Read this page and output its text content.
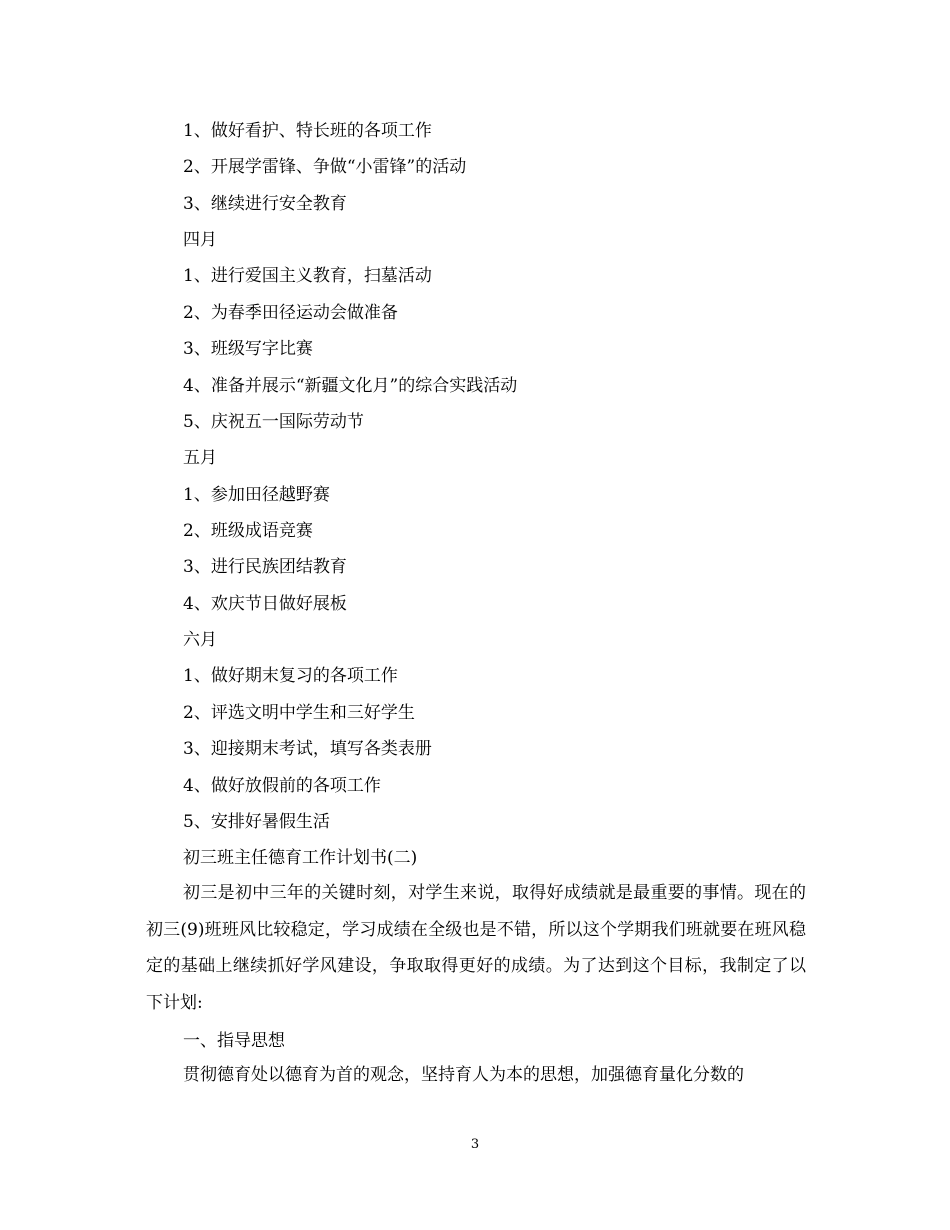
1、做好看护、特长班的各项工作
2、开展学雷锋、争做“小雷锋”的活动
3、继续进行安全教育
四月
1、进行爱国主义教育，扫墓活动
2、为春季田径运动会做准备
3、班级写字比赛
4、准备并展示“新疆文化月”的综合实践活动
5、庆祝五一国际劳动节
五月
1、参加田径越野赛
2、班级成语竞赛
3、进行民族团结教育
4、欢庆节日做好展板
六月
1、做好期末复习的各项工作
2、评选文明中学生和三好学生
3、迎接期末考试，填写各类表册
4、做好放假前的各项工作
5、安排好暑假生活
初三班主任德育工作计划书(二)
初三是初中三年的关键时刻，对学生来说，取得好成绩就是最重要的事情。现在的初三(9)班班风比较稳定，学习成绩在全级也是不错，所以这个学期我们班就要在班风稳定的基础上继续抓好学风建设，争取取得更好的成绩。为了达到这个目标，我制定了以下计划:
一、指导思想
贯彻德育处以德育为首的观念，坚持育人为本的思想，加强德育量化分数的
3
